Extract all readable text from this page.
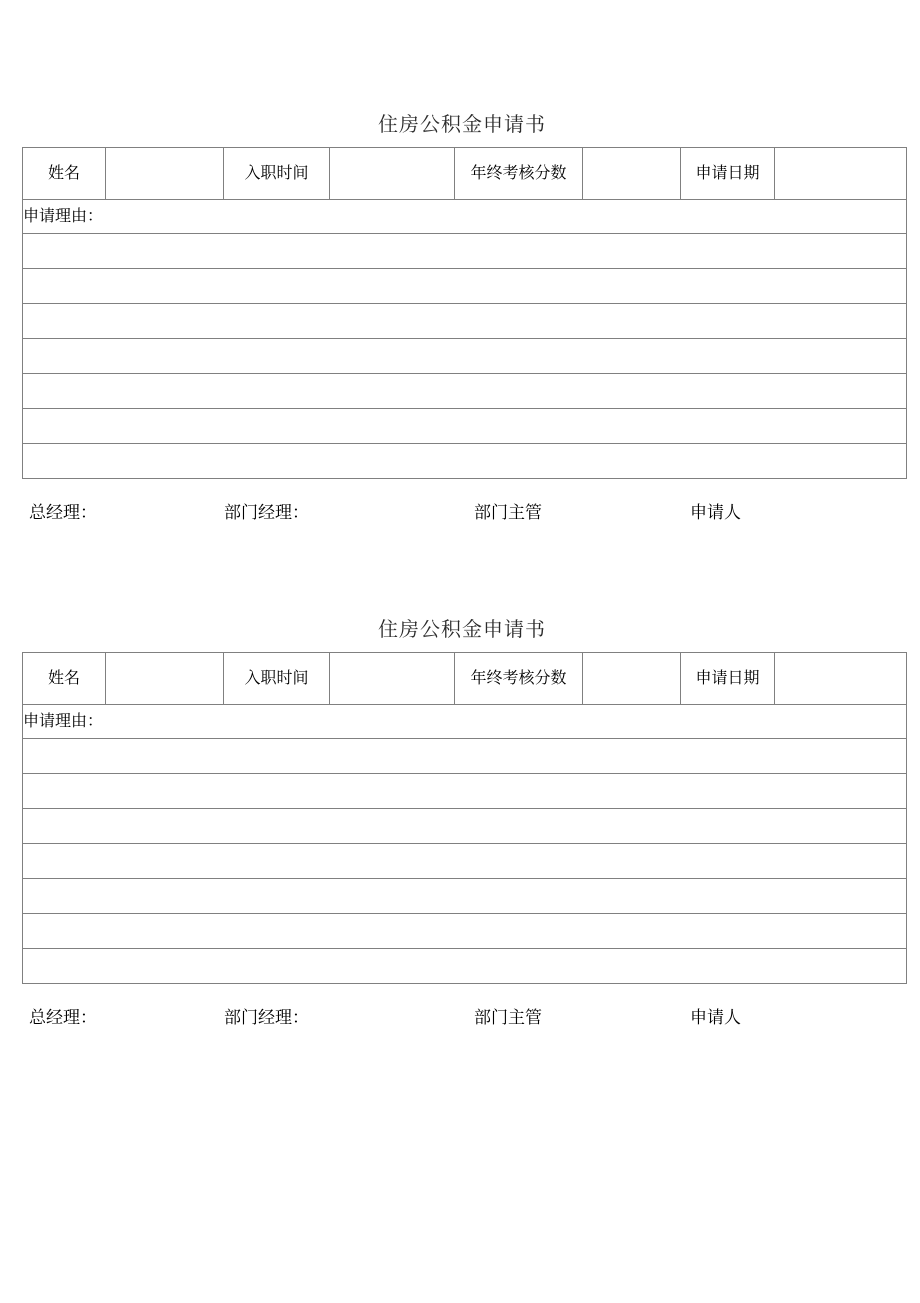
住房公积金申请书
姓名		入职时间		年终考核分数		申请日期	
申请理由：

总经理：	部门经理：	部门主管	申请人
住房公积金申请书
姓名		入职时间		年终考核分数		申请日期	
申请理由：

总经理：	部门经理：	部门主管	申请人
